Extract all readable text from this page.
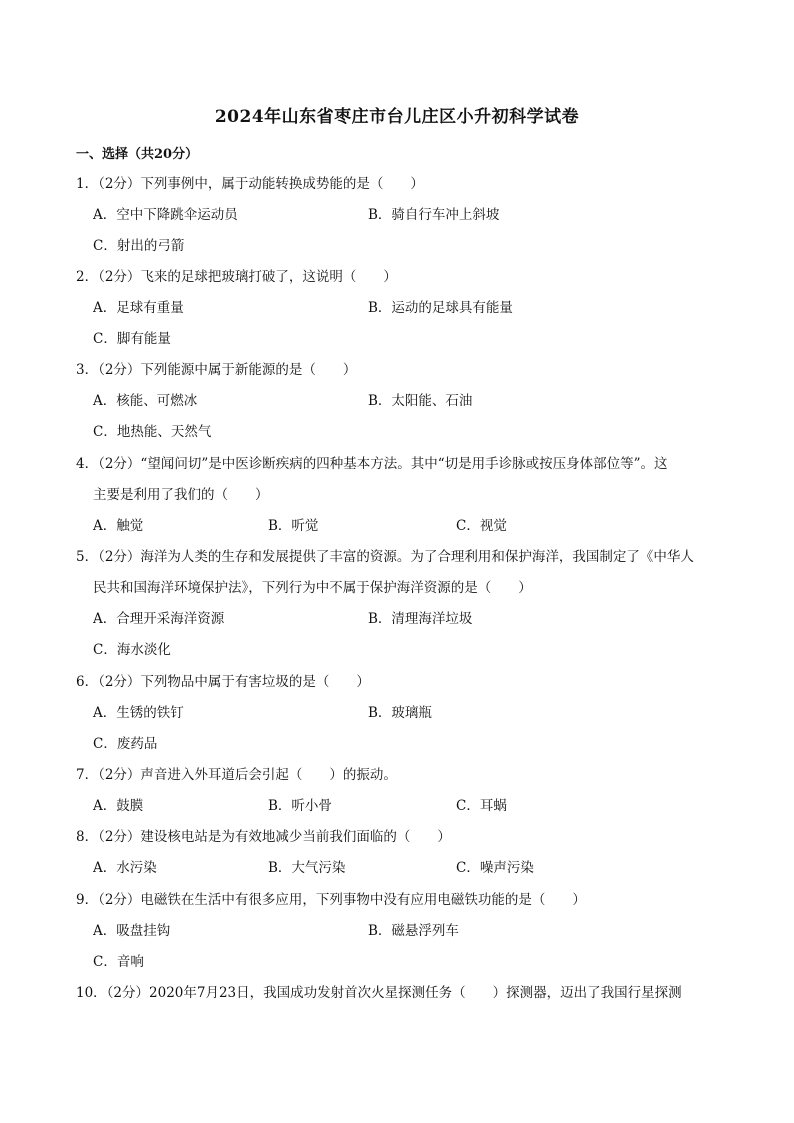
2024年山东省枣庄市台儿庄区小升初科学试卷
一、选择（共20分）
1．（2分）下列事例中，属于动能转换成势能的是（　　）
A．空中下降跳伞运动员	B．骑自行车冲上斜坡
C．射出的弓箭
2．（2分）飞来的足球把玻璃打破了，这说明（　　）
A．足球有重量	B．运动的足球具有能量
C．脚有能量
3．（2分）下列能源中属于新能源的是（　　）
A．核能、可燃冰	B．太阳能、石油
C．地热能、天然气
4．（2分）“望闻问切”是中医诊断疾病的四种基本方法。其中“切是用手诊脉或按压身体部位等”。这
主要是利用了我们的（　　）
A．触觉	B．听觉	C．视觉
5．（2分）海洋为人类的生存和发展提供了丰富的资源。为了合理利用和保护海洋，我国制定了《中华人
民共和国海洋环境保护法》，下列行为中不属于保护海洋资源的是（　　）
A．合理开采海洋资源	B．清理海洋垃圾
C．海水淡化
6．（2分）下列物品中属于有害垃圾的是（　　）
A．生锈的铁钉	B．玻璃瓶
C．废药品
7．（2分）声音进入外耳道后会引起（　　）的振动。
A．鼓膜	B．听小骨	C．耳蜗
8．（2分）建设核电站是为有效地减少当前我们面临的（　　）
A．水污染	B．大气污染	C．噪声污染
9．（2分）电磁铁在生活中有很多应用，下列事物中没有应用电磁铁功能的是（　　）
A．吸盘挂钩	B．磁悬浮列车
C．音响
10．（2分）2020年7月23日，我国成功发射首次火星探测任务（　　）探测器，迈出了我国行星探测
